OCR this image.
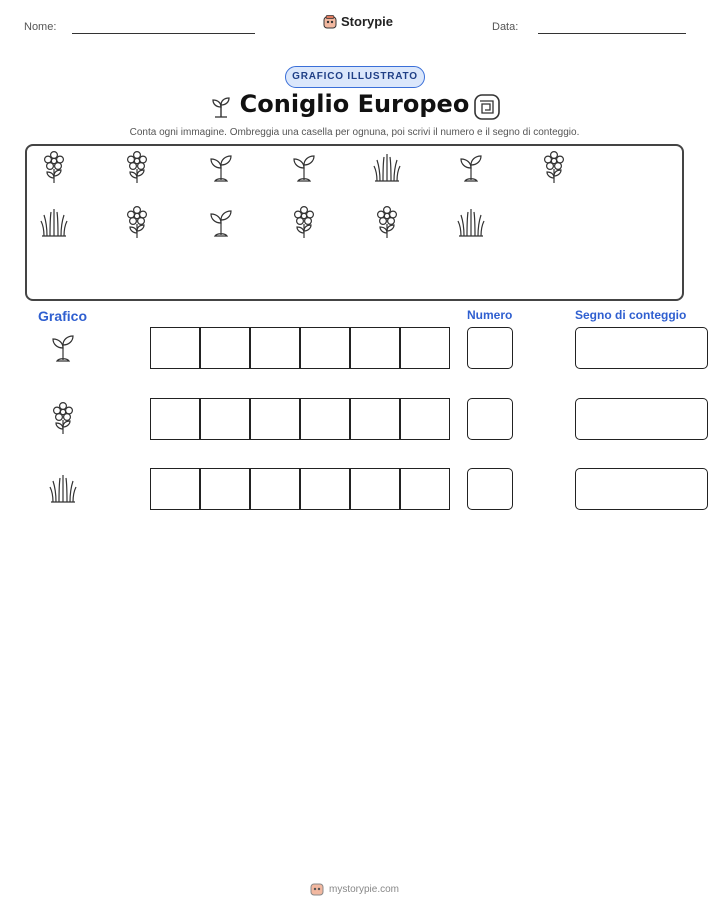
Nome:	Storypie	Data:
GRAFICO ILLUSTRATO
Coniglio Europeo
Conta ogni immagine. Ombreggia una casella per ognuna, poi scrivi il numero e il segno di conteggio.
Grafico	Numero	Segno di conteggio
mystorypie.com
